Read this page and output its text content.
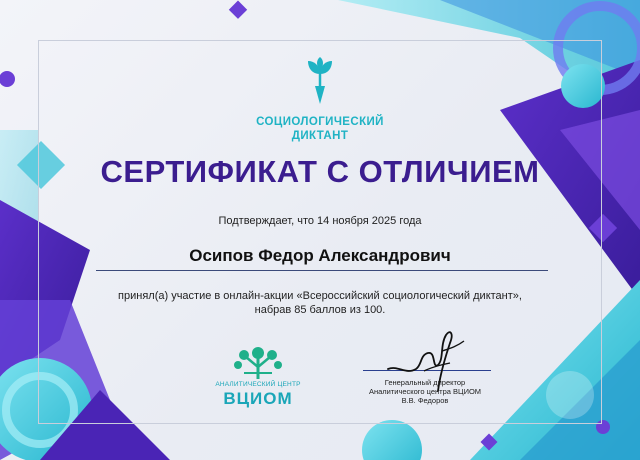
СОЦИОЛОГИЧЕСКИЙ
ДИКТАНТ
СЕРТИФИКАТ С ОТЛИЧИЕМ
Подтверждает, что 14 ноября 2025 года
Осипов Федор Александрович
принял(а) участие в онлайн-акции «Всероссийский социологический диктант»,
набрав 85 баллов из 100.
АНАЛИТИЧЕСКИЙ ЦЕНТР
ВЦИОМ
Генеральный директор
Аналитического центра ВЦИОМ
В.В. Федоров
